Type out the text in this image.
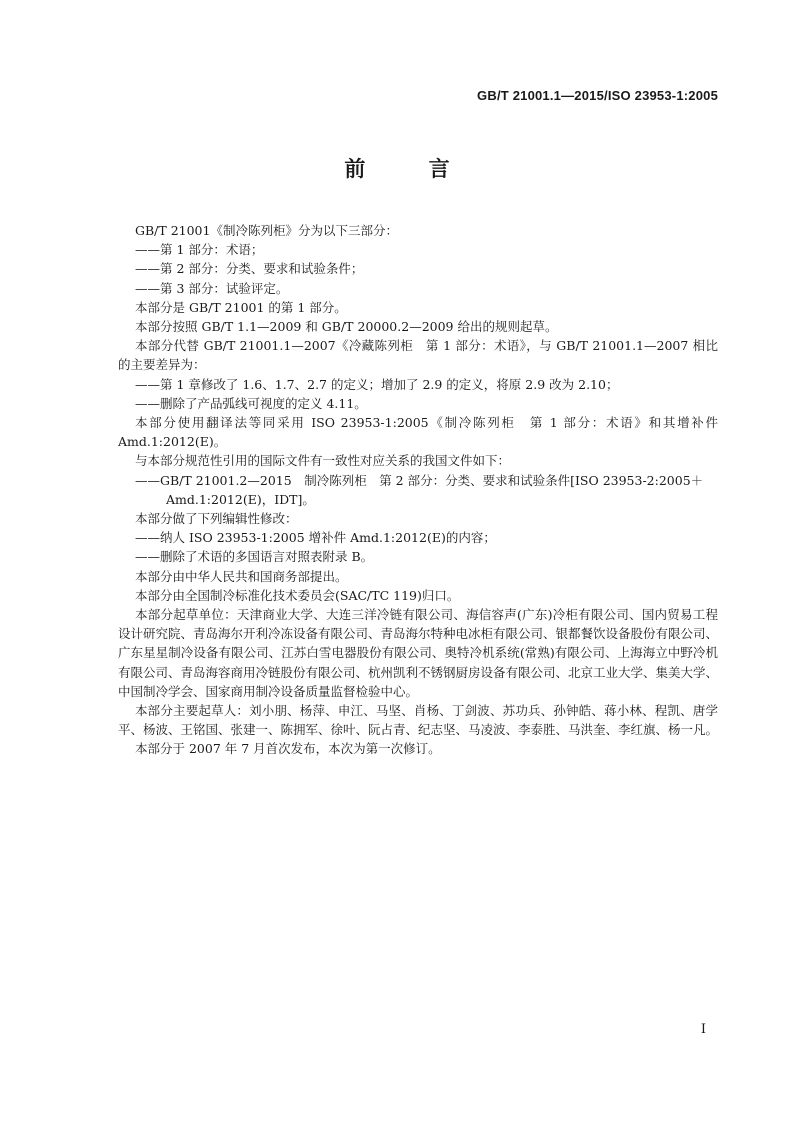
GB/T 21001.1—2015/ISO 23953-1:2005
前 言
GB/T 21001《制冷陈列柜》分为以下三部分：
——第 1 部分：术语；
——第 2 部分：分类、要求和试验条件；
——第 3 部分：试验评定。
本部分是 GB/T 21001 的第 1 部分。
本部分按照 GB/T 1.1—2009 和 GB/T 20000.2—2009 给出的规则起草。
本部分代替 GB/T 21001.1—2007《冷藏陈列柜　第 1 部分：术语》，与 GB/T 21001.1—2007 相比的主要差异为：
——第 1 章修改了 1.6、1.7、2.7 的定义；增加了 2.9 的定义，将原 2.9 改为 2.10；
——删除了产品弧线可视度的定义 4.11。
本部分使用翻译法等同采用 ISO 23953-1:2005《制冷陈列柜　第 1 部分：术语》和其增补件 Amd.1:2012(E)。
与本部分规范性引用的国际文件有一致性对应关系的我国文件如下：
——GB/T 21001.2—2015　制冷陈列柜　第 2 部分：分类、要求和试验条件[ISO 23953-2:2005＋
Amd.1:2012(E)，IDT]。
本部分做了下列编辑性修改：
——纳人 ISO 23953-1:2005 增补件 Amd.1:2012(E)的内容；
——删除了术语的多国语言对照表附录 B。
本部分由中华人民共和国商务部提出。
本部分由全国制冷标准化技术委员会(SAC/TC 119)归口。
本部分起草单位：天津商业大学、大连三洋冷链有限公司、海信容声(广东)冷柜有限公司、国内贸易工程设计研究院、青岛海尔开利冷冻设备有限公司、青岛海尔特种电冰柜有限公司、银都餐饮设备股份有限公司、广东星星制冷设备有限公司、江苏白雪电器股份有限公司、奥特冷机系统(常熟)有限公司、上海海立中野冷机有限公司、青岛海容商用冷链股份有限公司、杭州凯利不锈钢厨房设备有限公司、北京工业大学、集美大学、中国制冷学会、国家商用制冷设备质量监督检验中心。
本部分主要起草人：刘小朋、杨萍、申江、马坚、肖杨、丁剑波、苏功兵、孙钟皓、蒋小林、程凯、唐学平、杨波、王铭国、张建一、陈拥军、徐叶、阮占青、纪志坚、马凌波、李泰胜、马洪奎、李红旗、杨一凡。
本部分于 2007 年 7 月首次发布，本次为第一次修订。
I
